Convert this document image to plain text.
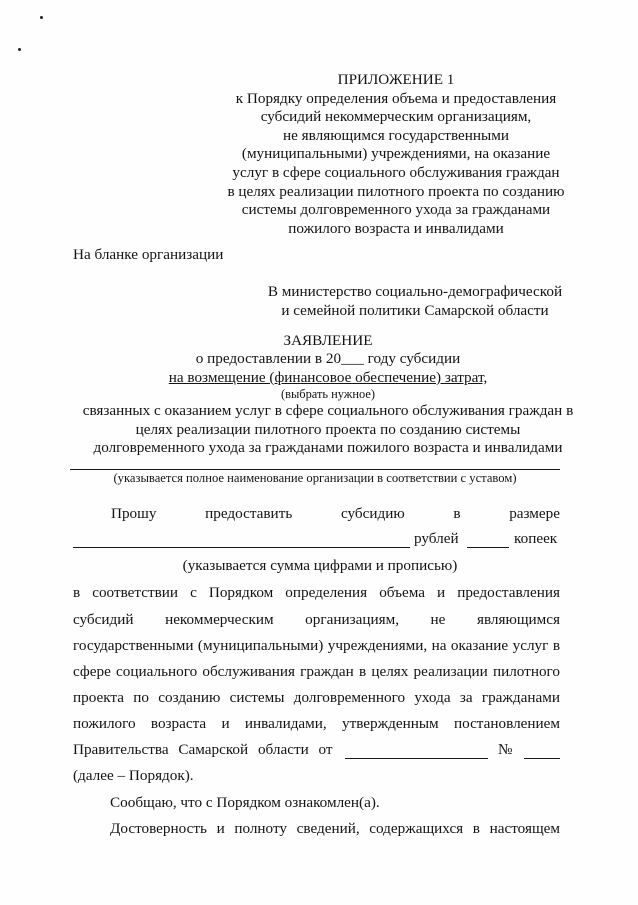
ПРИЛОЖЕНИЕ 1
к Порядку определения объема и предоставления
субсидий некоммерческим организациям,
не являющимся государственными
(муниципальными) учреждениями, на оказание
услуг в сфере социального обслуживания граждан
в целях реализации пилотного проекта по созданию
системы долговременного ухода за гражданами
пожилого возраста и инвалидами
На бланке организации
В министерство социально-демографической
и семейной политики Самарской области
ЗАЯВЛЕНИЕ
о предоставлении в 20___ году субсидии
на возмещение (финансовое обеспечение) затрат,
(выбрать нужное)
связанных с оказанием услуг в сфере социального обслуживания граждан в
целях реализации пилотного проекта по созданию системы
долговременного ухода за гражданами пожилого возраста и инвалидами
(указывается полное наименование организации в соответствии с уставом)
Прошу	предоставить	субсидию	в	размере
рублей	копеек
(указывается сумма цифрами и прописью)
в соответствии с Порядком определения объема и предоставления
субсидий некоммерческим организациям, не являющимся
государственными (муниципальными) учреждениями, на оказание услуг в
сфере социального обслуживания граждан в целях реализации пилотного
проекта по созданию системы долговременного ухода за гражданами
пожилого возраста и инвалидами, утвержденным постановлением
Правительства Самарской области от	№
(далее – Порядок).
Сообщаю, что с Порядком ознакомлен(а).
Достоверность и полноту сведений, содержащихся в настоящем
